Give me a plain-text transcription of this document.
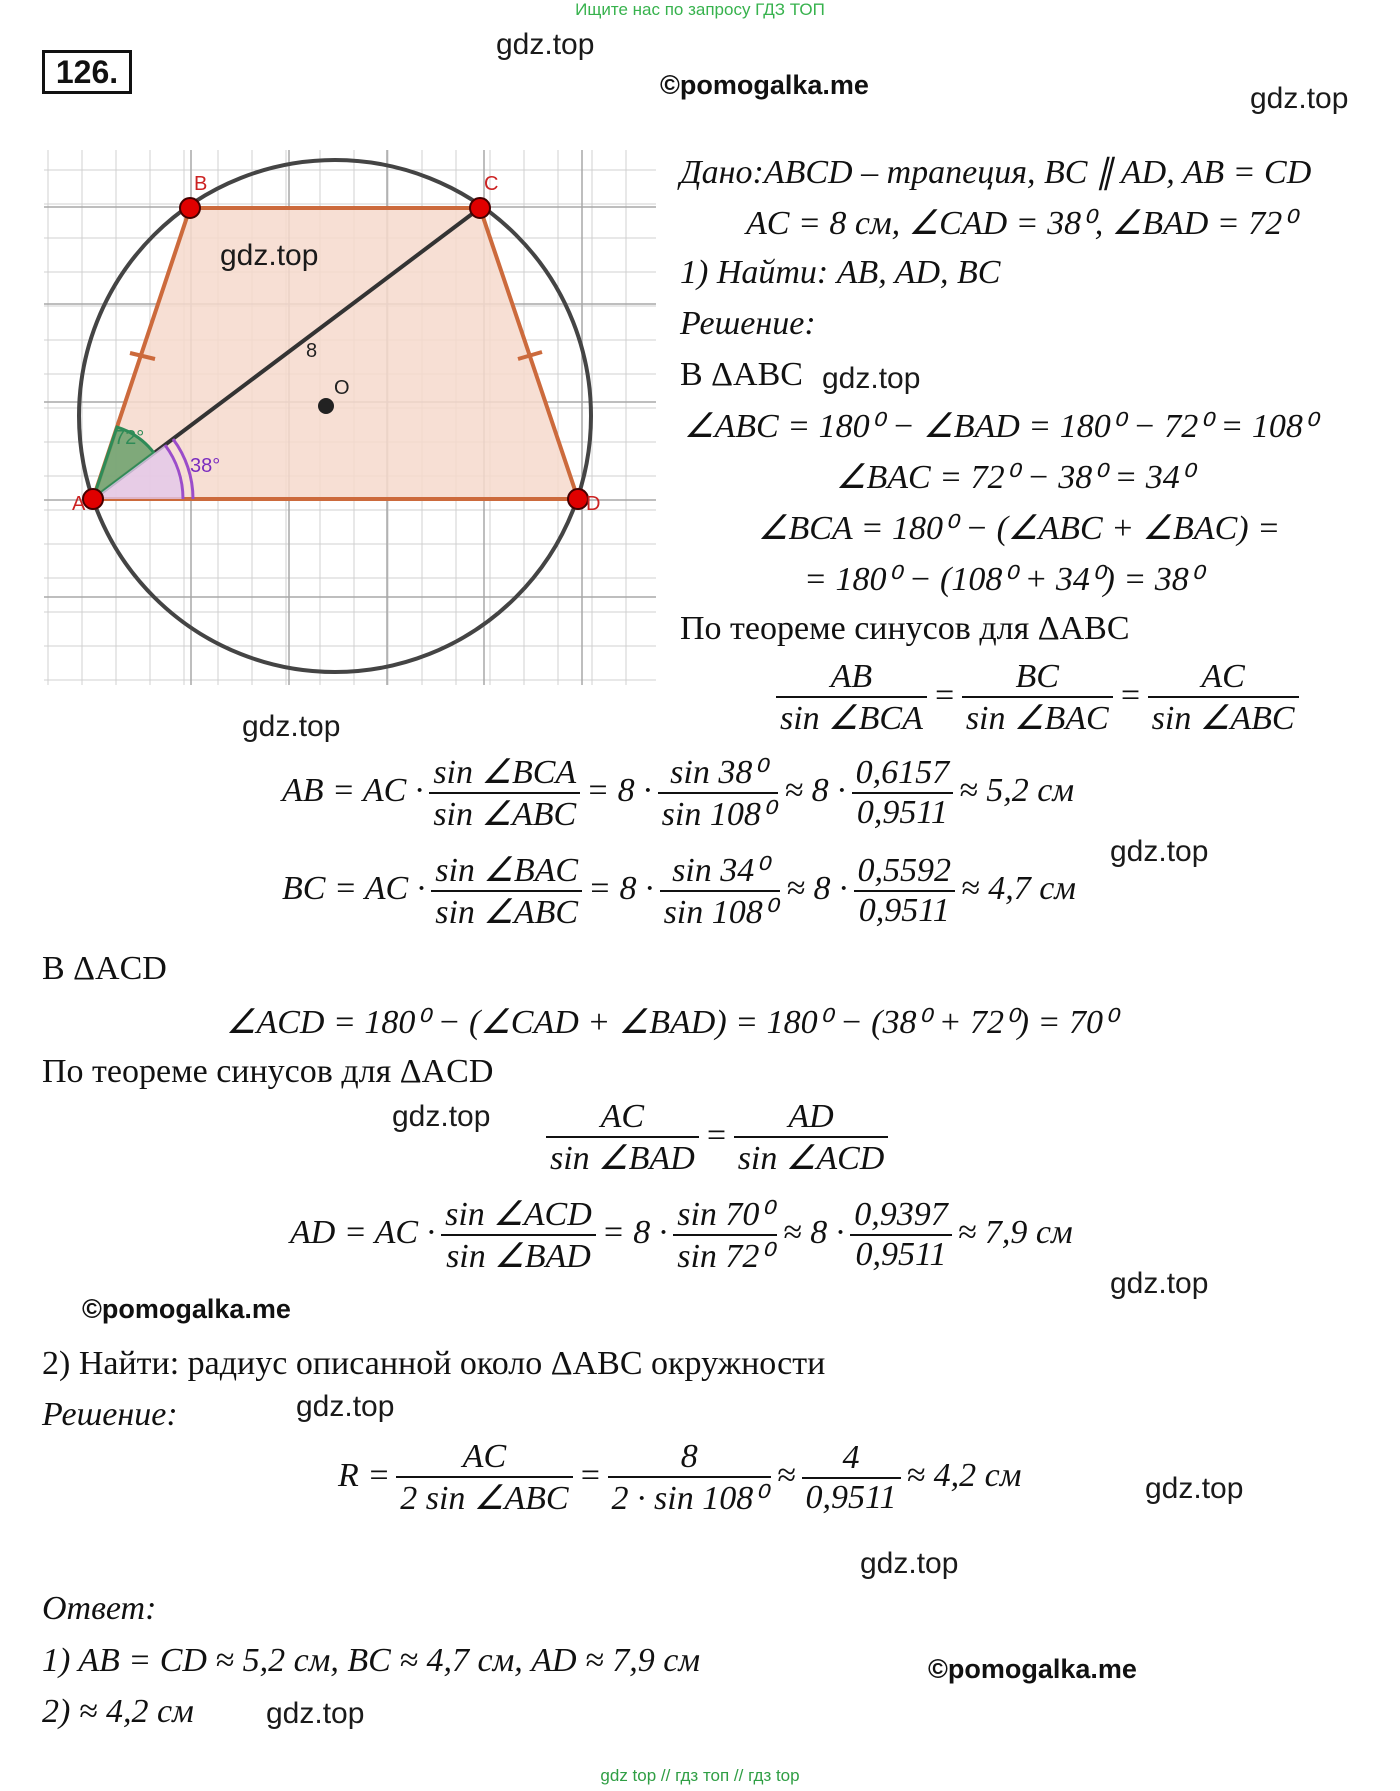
Ищите нас по запросу ГДЗ ТОП
126.
gdz.top
©pomogalka.me	gdz.top
gdz.top
gdz.top
gdz.top
©pomogalka.me
gdz.top
gdz.top
gdz.top
gdz.top
©pomogalka.me
gdz.top
A
B	C
D
O
8
72°
38°
gdz.top
Дано:ABCD – трапеция, BC ∥ AD, AB = CD
AC = 8 см, ∠CAD = 38⁰, ∠BAD = 72⁰
1) Найти: AB, AD, BC
Решение:
В ΔABC gdz.top
∠ABC = 180⁰ − ∠BAD = 180⁰ − 72⁰ = 108⁰
∠BAC = 72⁰ − 38⁰ = 34⁰
∠BCA = 180⁰ − (∠ABC + ∠BAC) =
= 180⁰ − (108⁰ + 34⁰) = 38⁰
По теореме синусов для ΔABC
$\frac{AB}{\text{sin ∠BCA}} = \frac{BC}{\text{sin ∠BAC}} = \frac{AC}{\text{sin ∠ABC}}$
AB = AC · $\frac{\text{sin ∠BCA}}{\text{sin ∠ABC}} = 8 \cdot \frac{\text{sin 38⁰}}{\text{sin 108⁰}} \approx 8 \cdot \frac{0,6157}{0,9511} \approx 5,2$ см
BC = AC · $\frac{\text{sin ∠BAC}}{\text{sin ∠ABC}} = 8 \cdot \frac{\text{sin 34⁰}}{\text{sin 108⁰}} \approx 8 \cdot \frac{0,5592}{0,9511} \approx 4,7$ см
В ΔACD
∠ACD = 180⁰ − (∠CAD + ∠BAD) = 180⁰ − (38⁰ + 72⁰) = 70⁰
По теореме синусов для ΔACD
$\frac{AC}{\text{sin ∠BAD}} = \frac{AD}{\text{sin ∠ACD}}$
AD = AC · $\frac{\text{sin ∠ACD}}{\text{sin ∠BAD}} = 8 \cdot \frac{\text{sin 70⁰}}{\text{sin 72⁰}} \approx 8 \cdot \frac{0,9397}{0,9511} \approx 7,9$ см
2) Найти: радиус описанной около ΔABC окружности
Решение:
$R = \frac{AC}{\text{2 sin ∠ABC}} = \frac{8}{\text{2 · sin 108⁰}} \approx \frac{4}{0,9511} \approx 4,2$ см
Ответ:
1) AB = CD ≈ 5,2 см, BC ≈ 4,7 см, AD ≈ 7,9 см
2) ≈ 4,2 см
gdz top // гдз топ // гдз top
